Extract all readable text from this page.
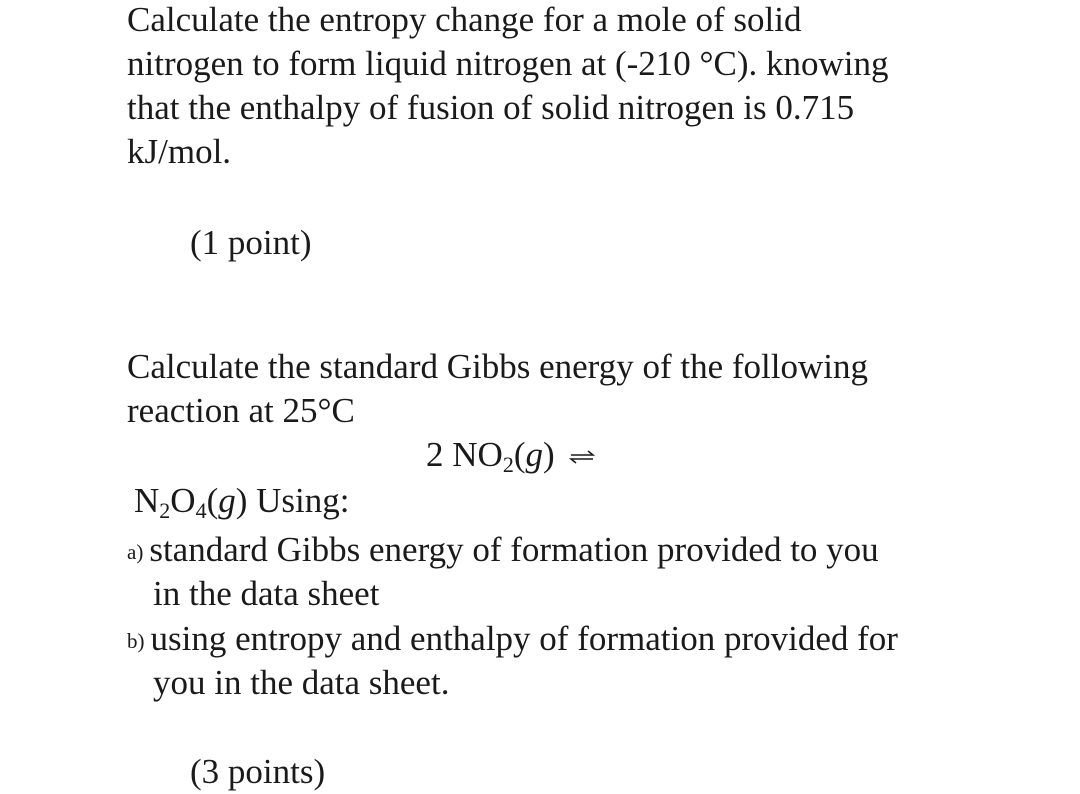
Calculate the entropy change for a mole of solid
nitrogen to form liquid nitrogen at (-210 °C). knowing
that the enthalpy of fusion of solid nitrogen is 0.715
kJ/mol.
(1 point)
Calculate the standard Gibbs energy of the following
reaction at 25°C
2 $NO_2(g)$ ⇌
$N_2O_4(g)$ Using:
a) standard Gibbs energy of formation provided to you
in the data sheet
b) using entropy and enthalpy of formation provided for
you in the data sheet.
(3 points)
